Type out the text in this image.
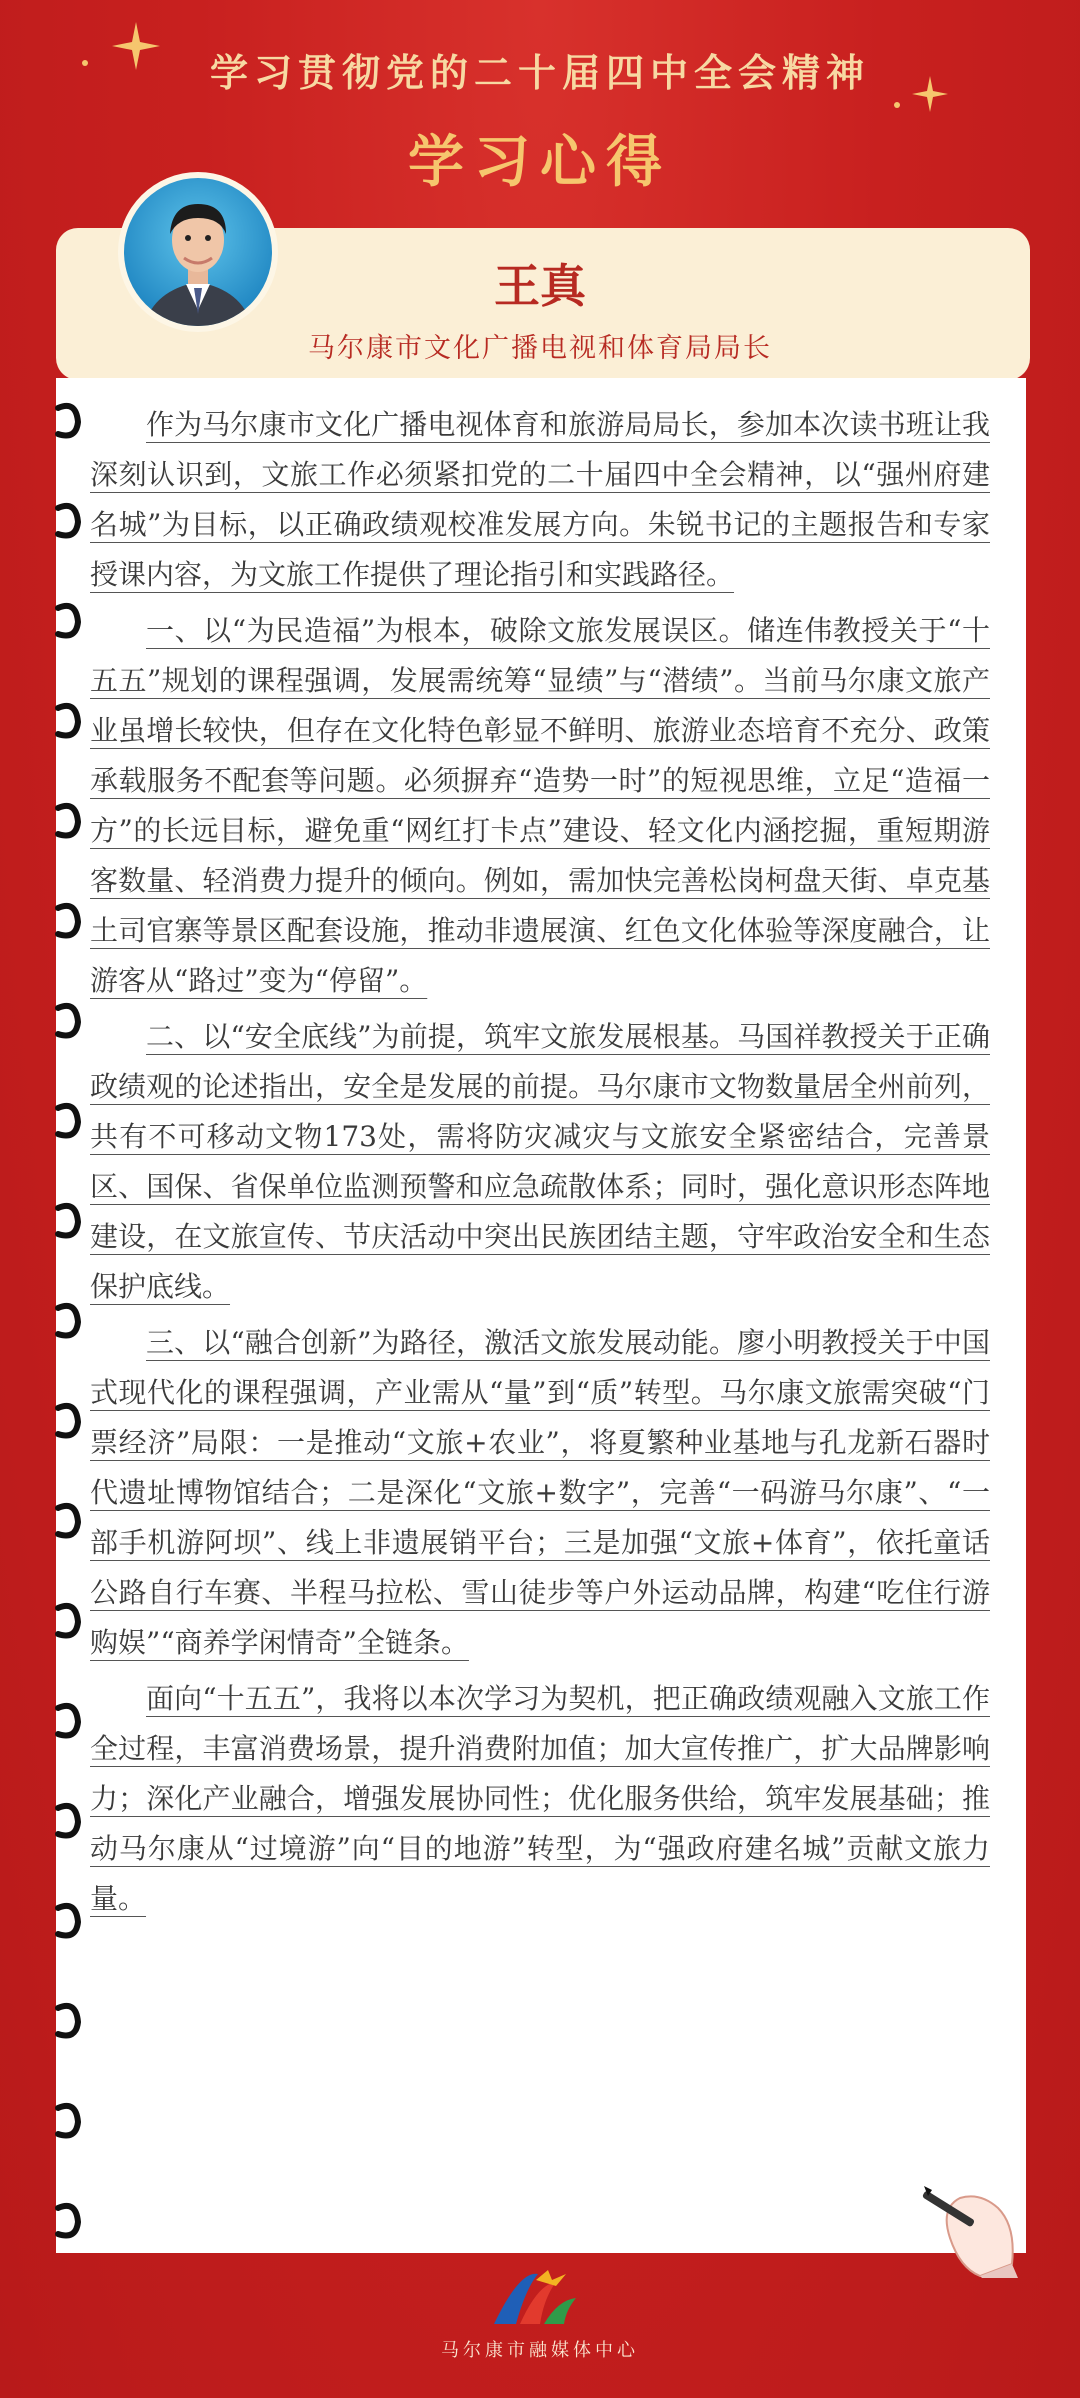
学习贯彻党的二十届四中全会精神
学习心得
王真
马尔康市文化广播电视和体育局局长

作为马尔康市文化广播电视体育和旅游局局长，参加本次读书班让我深刻认识到，文旅工作必须紧扣党的二十届四中全会精神，以“强州府建名城”为目标，以正确政绩观校准发展方向。朱锐书记的主题报告和专家授课内容，为文旅工作提供了理论指引和实践路径。

一、以“为民造福”为根本，破除文旅发展误区。储连伟教授关于“十五五”规划的课程强调，发展需统筹“显绩”与“潜绩”。当前马尔康文旅产业虽增长较快，但存在文化特色彰显不鲜明、旅游业态培育不充分、政策承载服务不配套等问题。必须摒弃“造势一时”的短视思维，立足“造福一方”的长远目标，避免重“网红打卡点”建设、轻文化内涵挖掘，重短期游客数量、轻消费力提升的倾向。例如，需加快完善松岗柯盘天街、卓克基土司官寨等景区配套设施，推动非遗展演、红色文化体验等深度融合，让游客从“路过”变为“停留”。

二、以“安全底线”为前提，筑牢文旅发展根基。马国祥教授关于正确政绩观的论述指出，安全是发展的前提。马尔康市文物数量居全州前列，共有不可移动文物173处，需将防灾减灾与文旅安全紧密结合，完善景区、国保、省保单位监测预警和应急疏散体系；同时，强化意识形态阵地建设，在文旅宣传、节庆活动中突出民族团结主题，守牢政治安全和生态保护底线。

三、以“融合创新”为路径，激活文旅发展动能。廖小明教授关于中国式现代化的课程强调，产业需从“量”到“质”转型。马尔康文旅需突破“门票经济”局限：一是推动“文旅+农业”，将夏繁种业基地与孔龙新石器时代遗址博物馆结合；二是深化“文旅+数字”，完善“一码游马尔康”、“一部手机游阿坝”、线上非遗展销平台；三是加强“文旅+体育”，依托童话公路自行车赛、半程马拉松、雪山徒步等户外运动品牌，构建“吃住行游购娱”“商养学闲情奇”全链条。

面向“十五五”，我将以本次学习为契机，把正确政绩观融入文旅工作全过程，丰富消费场景，提升消费附加值；加大宣传推广，扩大品牌影响力；深化产业融合，增强发展协同性；优化服务供给，筑牢发展基础；推动马尔康从“过境游”向“目的地游”转型，为“强政府建名城”贡献文旅力量。

马尔康市融媒体中心
